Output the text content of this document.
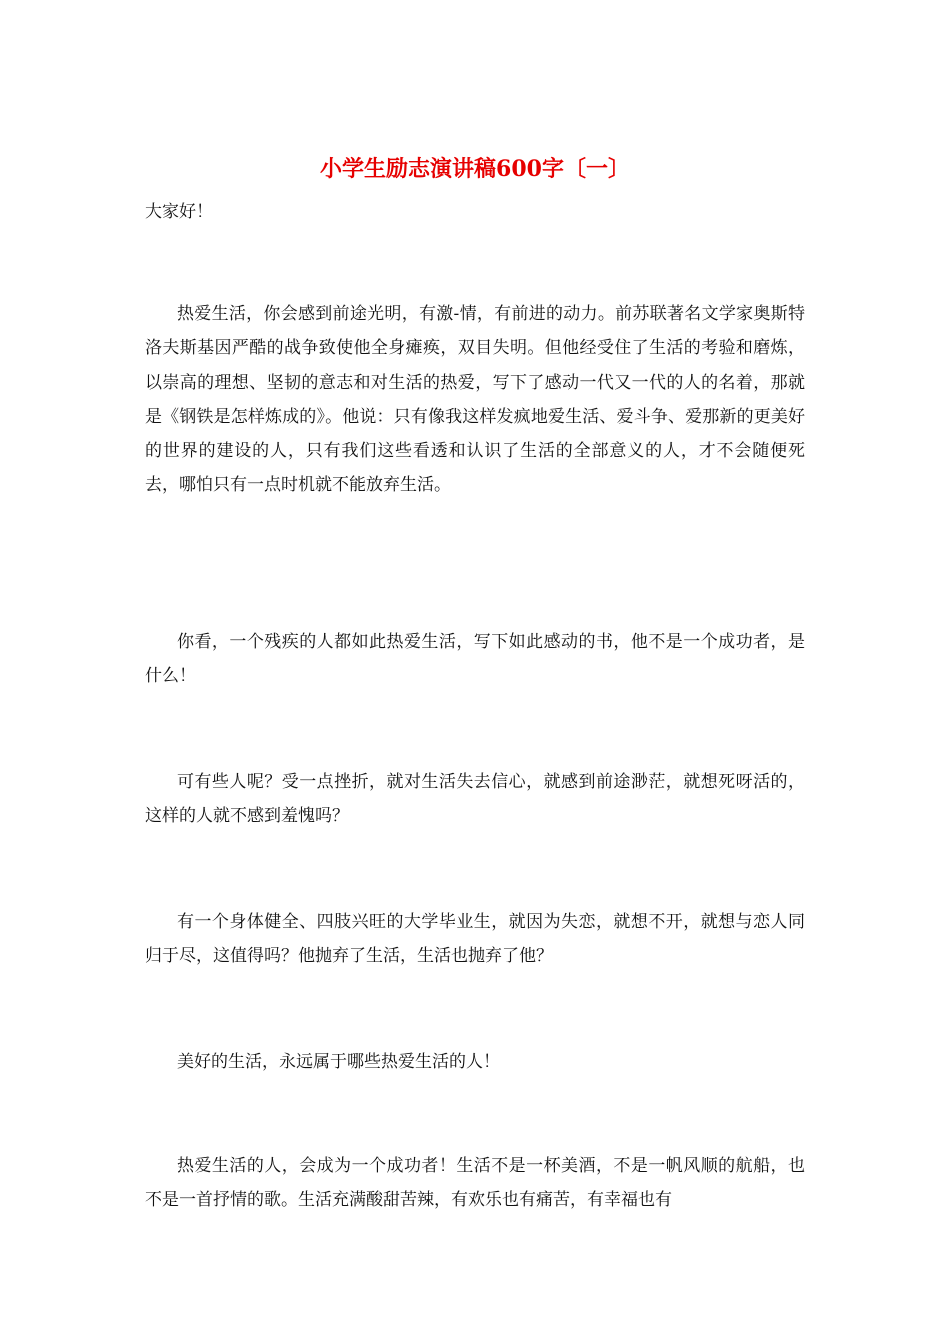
小学生励志演讲稿600字〔一〕

大家好！

热爱生活，你会感到前途光明，有激-情，有前进的动力。前苏联著名文学家奥斯特洛夫斯基因严酷的战争致使他全身瘫痪，双目失明。但他经受住了生活的考验和磨炼，以崇高的理想、坚韧的意志和对生活的热爱，写下了感动一代又一代的人的名着，那就是《钢铁是怎样炼成的》。他说：只有像我这样发疯地爱生活、爱斗争、爱那新的更美好的世界的建设的人，只有我们这些看透和认识了生活的全部意义的人，才不会随便死去，哪怕只有一点时机就不能放弃生活。

你看，一个残疾的人都如此热爱生活，写下如此感动的书，他不是一个成功者，是什么！

可有些人呢？受一点挫折，就对生活失去信心，就感到前途渺茫，就想死呀活的，这样的人就不感到羞愧吗？

有一个身体健全、四肢兴旺的大学毕业生，就因为失恋，就想不开，就想与恋人同归于尽，这值得吗？他抛弃了生活，生活也抛弃了他？

美好的生活，永远属于哪些热爱生活的人！

热爱生活的人，会成为一个成功者！生活不是一杯美酒，不是一帆风顺的航船，也不是一首抒情的歌。生活充满酸甜苦辣，有欢乐也有痛苦，有幸福也有
